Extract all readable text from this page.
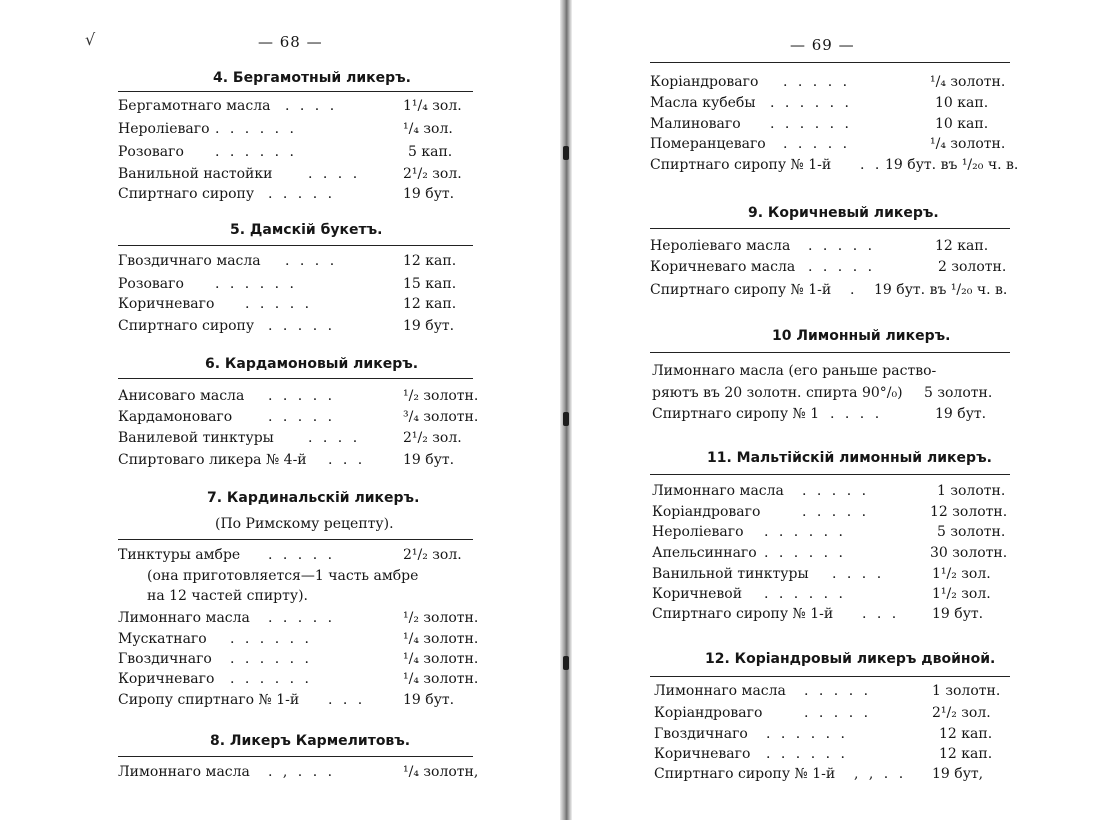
√	— 68 —
4. Бергамотный ликеръ.
Бергамотнаго масла . . . .	1¹/₄ зол.
Неролiеваго . . . . . .	¹/₄ зол.
Розоваго . . . . . .	5 кап.
Ванильной настойки	. . . .	2¹/₂ зол.
Спиртнаго сиропу . . . . .	19 бут.
5. Дамскiй букетъ.
Гвоздичнаго масла . . . .	12 кап.
Розоваго . . . . . .	15 кап.
Коричневаго . . . . .	12 кап.
Спиртнаго сиропу . . . . .	19 бут.
6. Кардамоновый ликеръ.
Анисоваго масла . . . . .	¹/₂ золотн.
Кардамоноваго	. . . . .	³/₄ золотн.
Ванилевой тинктуры . . . .	2¹/₂ зол.
Спиртоваго ликера № 4-й . . .	19 бут.
7. Кардинальскiй ликеръ.
(По Римскому рецепту).
Тинктуры амбре . . . . .	2¹/₂ зол.
(она приготовляется—1 часть амбре
на 12 частей спирту).
Лимоннаго масла . . . . .	¹/₂ золотн.
Мускатнаго . . . . . .	¹/₄ золотн.
Гвоздичнаго . . . . . .	¹/₄ золотн.
Коричневаго . . . . . .	¹/₄ золотн.
Сиропу спиртнаго № 1-й . . .	19 бут.
8. Ликеръ Кармелитовъ.
Лимоннаго масла . , . . .	¹/₄ золотн,
— 69 —
Корiандроваго . . . . .	¹/₄ золотн.
Масла кубебы . . . . . .	10 кап.
Малиноваго . . . . . .	10 кап.
Померанцеваго . . . . .	¹/₄ золотн.
Спиртнаго сиропу № 1-й . . 19 бут. въ ¹/₂₀ ч. в.
9. Коричневый ликеръ.
Неролiеваго масла . . . . .	12 кап.
Коричневаго масла . . . . .	2 золотн.
Спиртнаго сиропу № 1-й . 19 бут. въ ¹/₂₀ ч. в.
10 Лимонный ликеръ.
Лимоннаго масла (его раньше раство-
ряютъ въ 20 золотн. спирта 90°/₀) 5 золотн.
Спиртнаго сиропу № 1 . . . .	19 бут.
11. Мальтiйскiй лимонный ликеръ.
Лимоннаго масла . . . . .	1 золотн.
Корiандроваго	. . . . .	12 золотн.
Неролiеваго . . . . . .	5 золотн.
Апельсиннаго . . . . . .	30 золотн.
Ванильной тинктуры . . . .	1¹/₂ зол.
Коричневой . . . . . .	1¹/₂ зол.
Спиртнаго сиропу № 1-й . . . 19 бут.
12. Корiандровый ликеръ двойной.
Лимоннаго масла . . . . .	1 золотн.
Корiандроваго	. . . . .	2¹/₂ зол.
Гвоздичнаго . . . . . .	12 кап.
Коричневаго . . . . . .	12 кап.
Спиртнаго сиропу № 1-й , , . . 19 бут,
